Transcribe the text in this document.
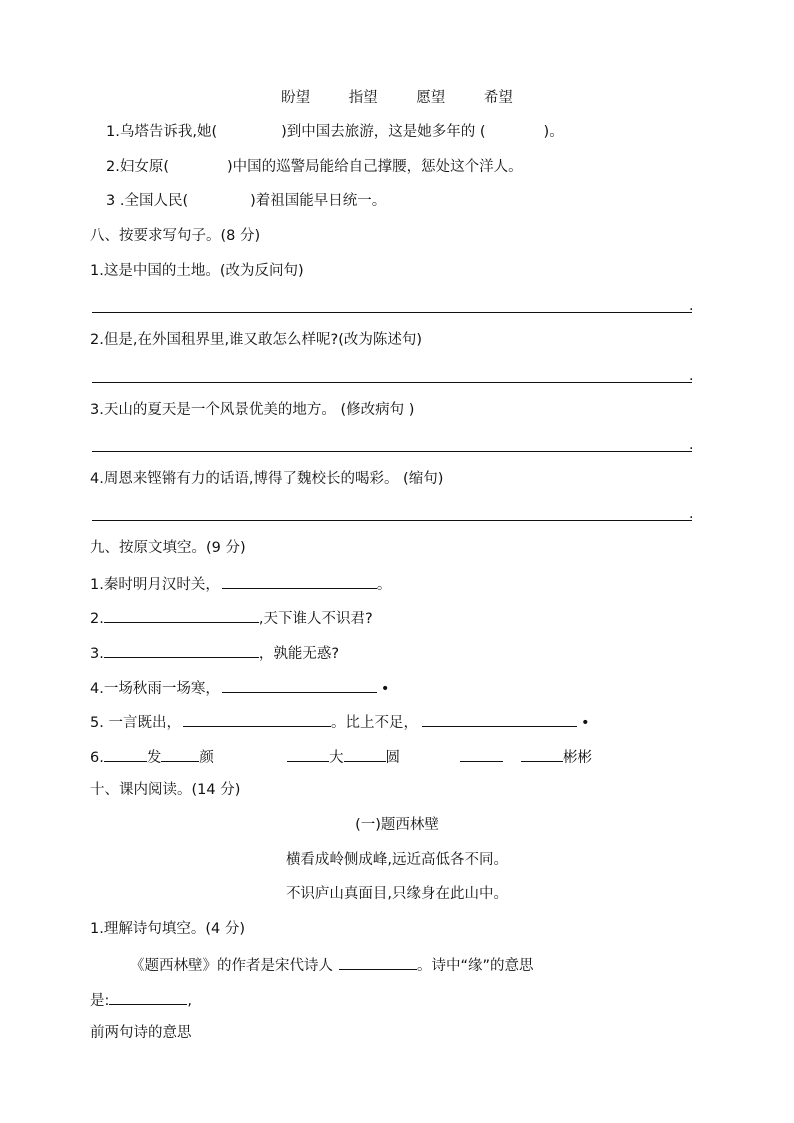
盼望	指望	愿望	希望
1.乌塔告诉我,她(	)到中国去旅游，这是她多年的 (	)。
2.妇女原(	)中国的巡警局能给自己撑腰，惩处这个洋人。
3 .全国人民(	)着祖国能早日统一。
八、按要求写句子。(8 分)
1.这是中国的土地。(改为反问句)
.
2.但是,在外国租界里,谁又敢怎么样呢?(改为陈述句)
.
3.天山的夏天是一个风景优美的地方。 (修改病句 )
.
4.周恩来铿锵有力的话语,博得了魏校长的喝彩。 (缩句)
.
九、按原文填空。(9 分)
1.秦时明月汉时关，	。
2.	,天下谁人不识君?
3.	，孰能无惑?
4.一场秋雨一场寒，	•
5. 一言既出，	。比上不足，	•
6.	发	颜	大	圆	彬彬
十、课内阅读。(14 分)
(一)题西林壁
横看成岭侧成峰,远近高低各不同。
不识庐山真面目,只缘身在此山中。
1.理解诗句填空。(4 分)
《题西林壁》的作者是宋代诗人	。诗中“缘”的意思
是:	,
前两句诗的意思
